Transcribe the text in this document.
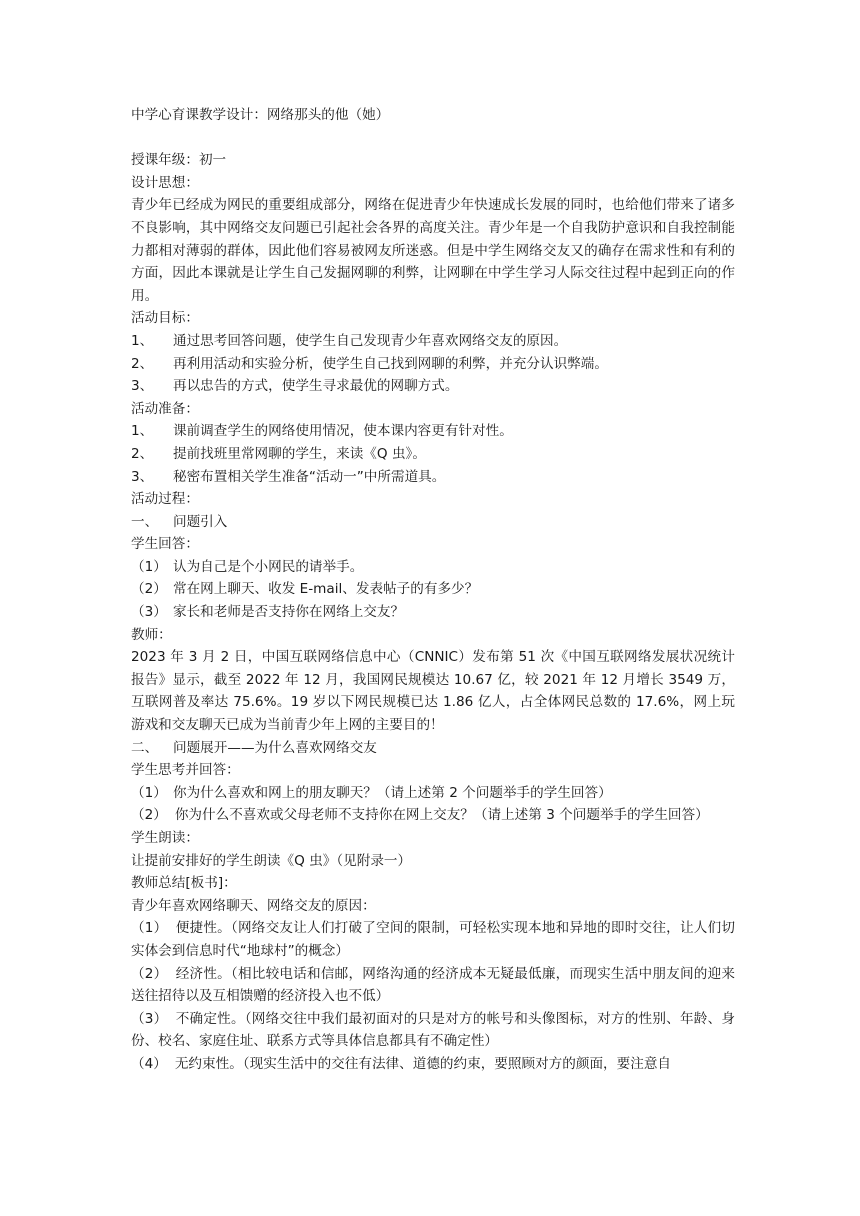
中学心育课教学设计：网络那头的他（她）
授课年级：初一
设计思想：
青少年已经成为网民的重要组成部分，网络在促进青少年快速成长发展的同时，也给他们带来了诸多不良影响，其中网络交友问题已引起社会各界的高度关注。青少年是一个自我防护意识和自我控制能力都相对薄弱的群体，因此他们容易被网友所迷惑。但是中学生网络交友又的确存在需求性和有利的方面，因此本课就是让学生自己发掘网聊的利弊，让网聊在中学生学习人际交往过程中起到正向的作用。
活动目标：
1、	通过思考回答问题，使学生自己发现青少年喜欢网络交友的原因。
2、	再利用活动和实验分析，使学生自己找到网聊的利弊，并充分认识弊端。
3、	再以忠告的方式，使学生寻求最优的网聊方式。
活动准备：
1、	课前调查学生的网络使用情况，使本课内容更有针对性。
2、	提前找班里常网聊的学生，来读《Q 虫》。
3、	秘密布置相关学生准备“活动一”中所需道具。
活动过程：
一、	问题引入
学生回答：
（1） 认为自己是个小网民的请举手。
（2） 常在网上聊天、收发 E-mail、发表帖子的有多少？
（3） 家长和老师是否支持你在网络上交友？
教师：
2023 年 3 月 2 日，中国互联网络信息中心（CNNIC）发布第 51 次《中国互联网络发展状况统计报告》显示，截至 2022 年 12 月，我国网民规模达 10.67 亿，较 2021 年 12 月增长 3549 万，互联网普及率达 75.6%。19 岁以下网民规模已达 1.86 亿人，占全体网民总数的 17.6%，网上玩游戏和交友聊天已成为当前青少年上网的主要目的！
二、	问题展开——为什么喜欢网络交友
学生思考并回答：
（1） 你为什么喜欢和网上的朋友聊天？（请上述第 2 个问题举手的学生回答）
（2） 你为什么不喜欢或父母老师不支持你在网上交友？（请上述第 3 个问题举手的学生回答）
学生朗读：
让提前安排好的学生朗读《Q 虫》（见附录一）
教师总结[板书]：
青少年喜欢网络聊天、网络交友的原因：
（1） 便捷性。（网络交友让人们打破了空间的限制，可轻松实现本地和异地的即时交往，让人们切实体会到信息时代“地球村”的概念）
（2） 经济性。（相比较电话和信邮，网络沟通的经济成本无疑最低廉，而现实生活中朋友间的迎来送往招待以及互相馈赠的经济投入也不低）
（3） 不确定性。（网络交往中我们最初面对的只是对方的帐号和头像图标，对方的性别、年龄、身份、校名、家庭住址、联系方式等具体信息都具有不确定性）
（4） 无约束性。（现实生活中的交往有法律、道德的约束，要照顾对方的颜面，要注意自
